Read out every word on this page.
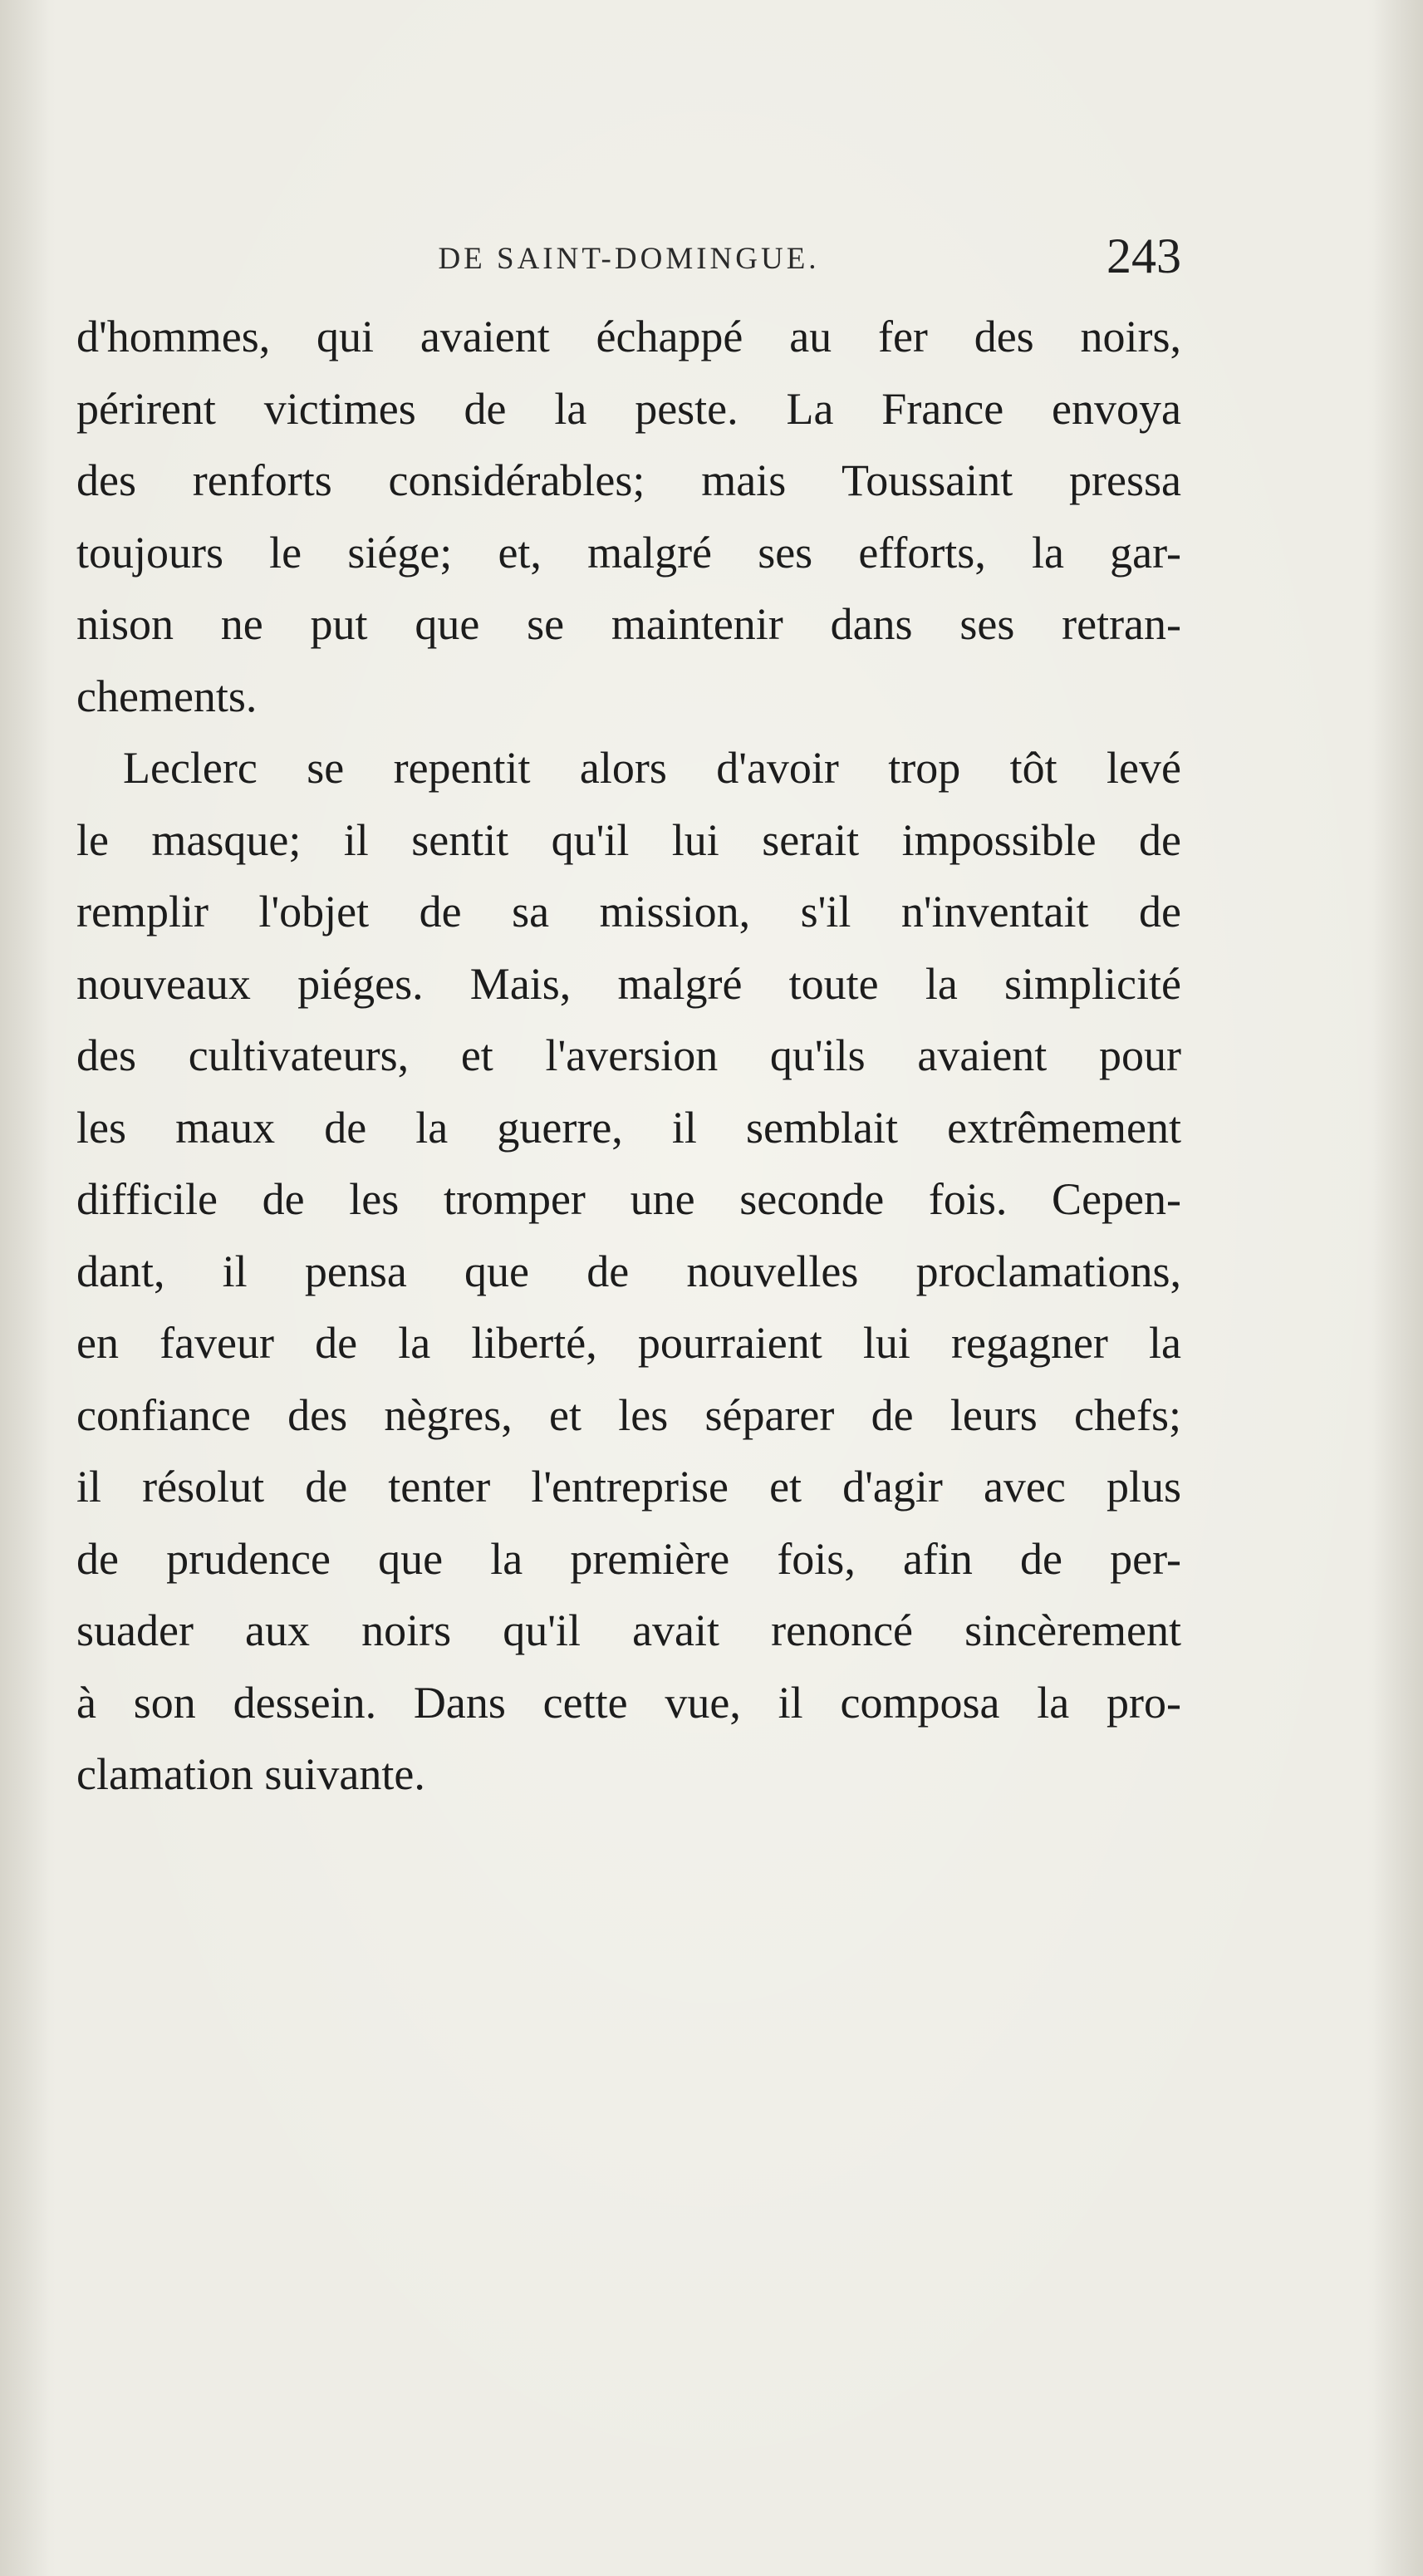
DE SAINT-DOMINGUE.	243

d'hommes, qui avaient échappé au fer des noirs,
périrent victimes de la peste. La France envoya
des renforts considérables; mais Toussaint pressa
toujours le siége; et, malgré ses efforts, la gar-
nison ne put que se maintenir dans ses retran-
chements.

Leclerc se repentit alors d'avoir trop tôt levé
le masque; il sentit qu'il lui serait impossible de
remplir l'objet de sa mission, s'il n'inventait de
nouveaux piéges. Mais, malgré toute la simplicité
des cultivateurs, et l'aversion qu'ils avaient pour
les maux de la guerre, il semblait extrêmement
difficile de les tromper une seconde fois. Cepen-
dant, il pensa que de nouvelles proclamations,
en faveur de la liberté, pourraient lui regagner la
confiance des nègres, et les séparer de leurs chefs;
il résolut de tenter l'entreprise et d'agir avec plus
de prudence que la première fois, afin de per-
suader aux noirs qu'il avait renoncé sincèrement
à son dessein. Dans cette vue, il composa la pro-
clamation suivante.
